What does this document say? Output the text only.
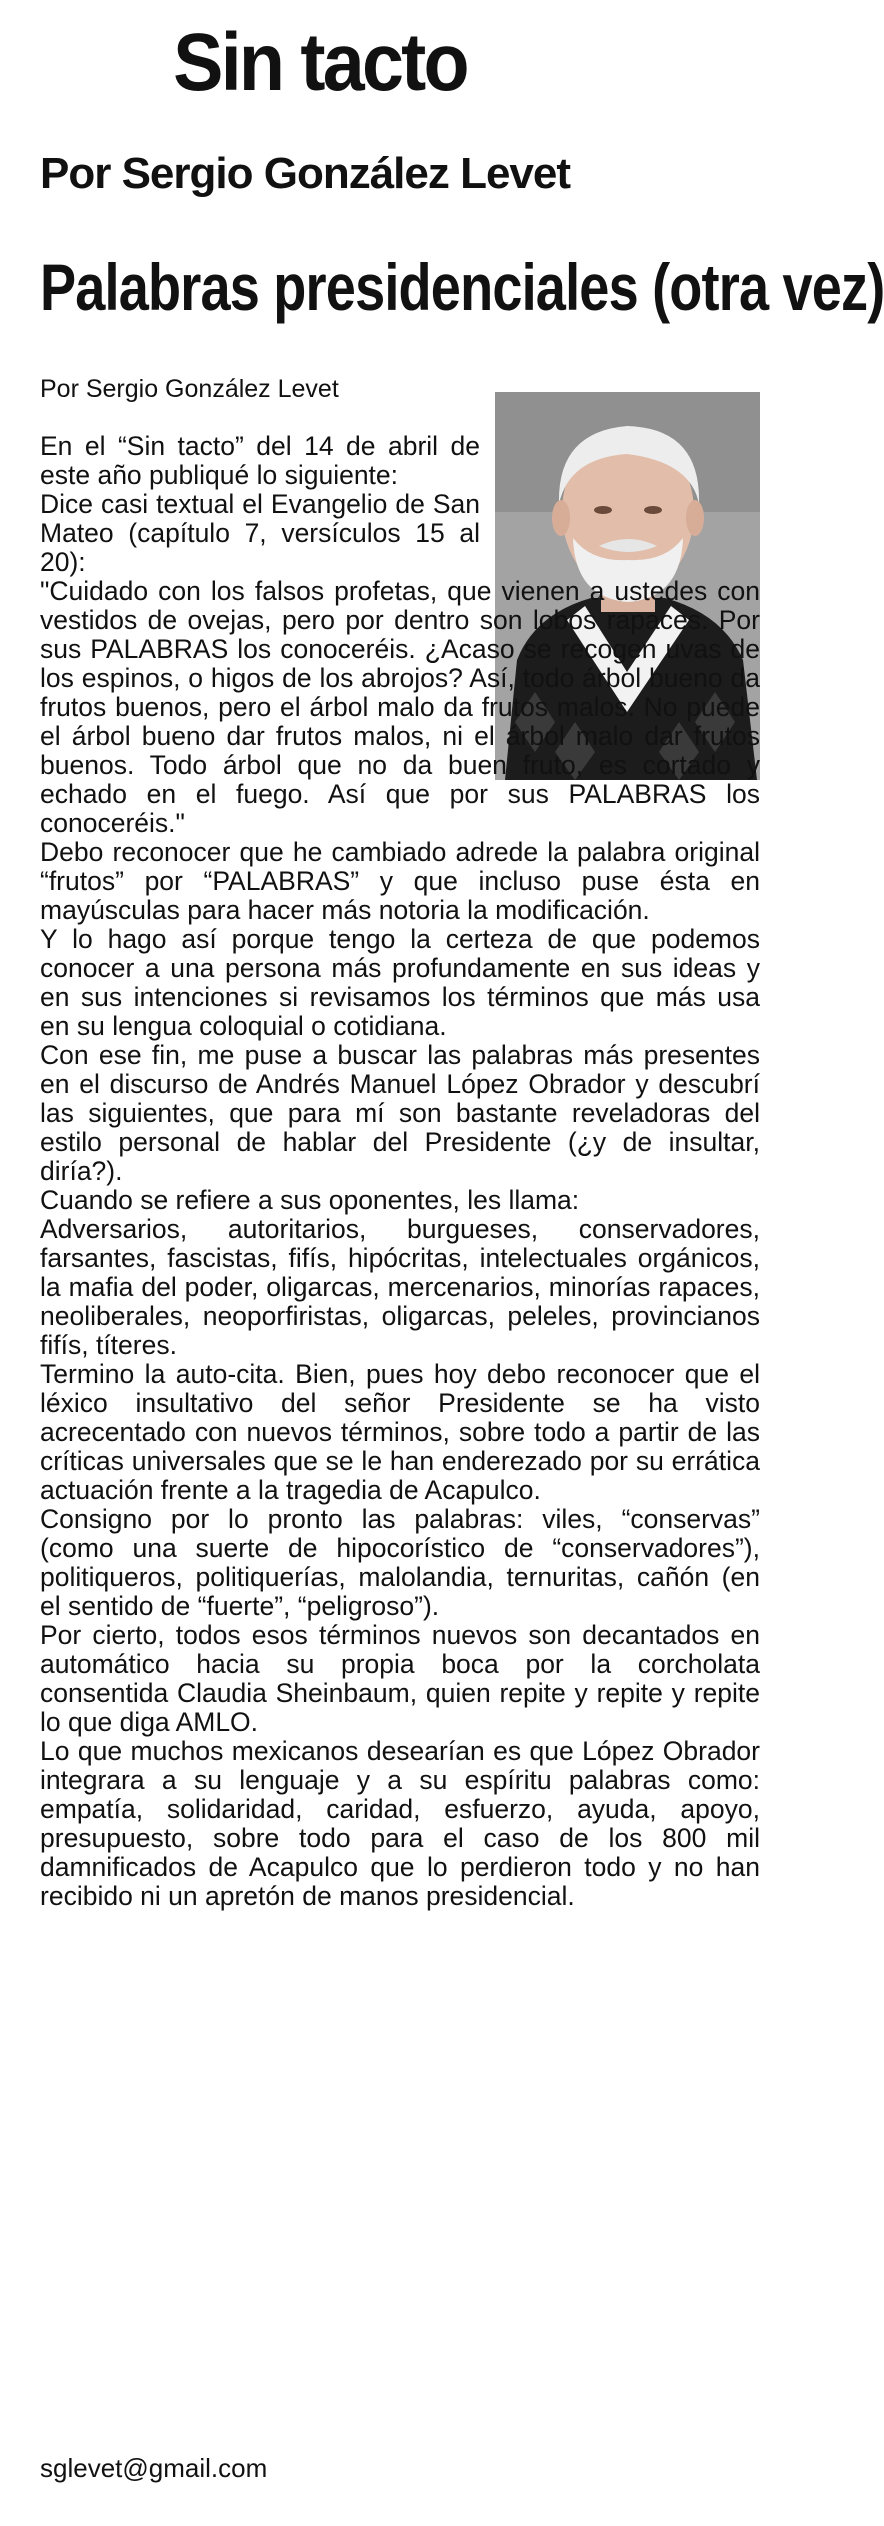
Sin tacto
Por Sergio González Levet
Palabras presidenciales (otra vez)
Por Sergio González Levet

En el “Sin tacto” del 14 de abril de este año publiqué lo siguiente:

Dice casi textual el Evangelio de San Mateo (capítulo 7, versículos 15 al 20):

"Cuidado con los falsos profetas, que vienen a ustedes con vestidos de ovejas, pero por dentro son lobos rapaces. Por sus PALABRAS los conoceréis. ¿Acaso se recogen uvas de los espinos, o higos de los abrojos? Así, todo árbol bueno da frutos buenos, pero el árbol malo da frutos malos. No puede el árbol bueno dar frutos malos, ni el árbol malo dar frutos buenos. Todo árbol que no da buen fruto, es cortado y echado en el fuego. Así que por sus PALABRAS los conoceréis."

Debo reconocer que he cambiado adrede la palabra original “frutos” por “PALABRAS” y que incluso puse ésta en mayúsculas para hacer más notoria la modificación.

Y lo hago así porque tengo la certeza de que podemos conocer a una persona más profundamente en sus ideas y en sus intenciones si revisamos los términos que más usa en su lengua coloquial o cotidiana.

Con ese fin, me puse a buscar las palabras más presentes en el discurso de Andrés Manuel López Obrador y descubrí las siguientes, que para mí son bastante reveladoras del estilo personal de hablar del Presidente (¿y de insultar, diría?).

Cuando se refiere a sus oponentes, les llama:

Adversarios, autoritarios, burgueses, conservadores, farsantes, fascistas, fifís, hipócritas, intelectuales orgánicos, la mafia del poder, oligarcas, mercenarios, minorías rapaces, neoliberales, neoporfiristas, oligarcas, peleles, provincianos fifís, títeres.

Termino la auto-cita. Bien, pues hoy debo reconocer que el léxico insultativo del señor Presidente se ha visto acrecentado con nuevos términos, sobre todo a partir de las críticas universales que se le han enderezado por su errática actuación frente a la tragedia de Acapulco.

Consigno por lo pronto las palabras: viles, “conservas” (como una suerte de hipocorístico de “conservadores”), politiqueros, politiquerías, malolandia, ternuritas, cañón (en el sentido de “fuerte”, “peligroso”).

Por cierto, todos esos términos nuevos son decantados en automático hacia su propia boca por la corcholata consentida Claudia Sheinbaum, quien repite y repite y repite lo que diga AMLO.

Lo que muchos mexicanos desearían es que López Obrador integrara a su lenguaje y a su espíritu palabras como: empatía, solidaridad, caridad, esfuerzo, ayuda, apoyo, presupuesto, sobre todo para el caso de los 800 mil damnificados de Acapulco que lo perdieron todo y no han recibido ni un apretón de manos presidencial.

sglevet@gmail.com
